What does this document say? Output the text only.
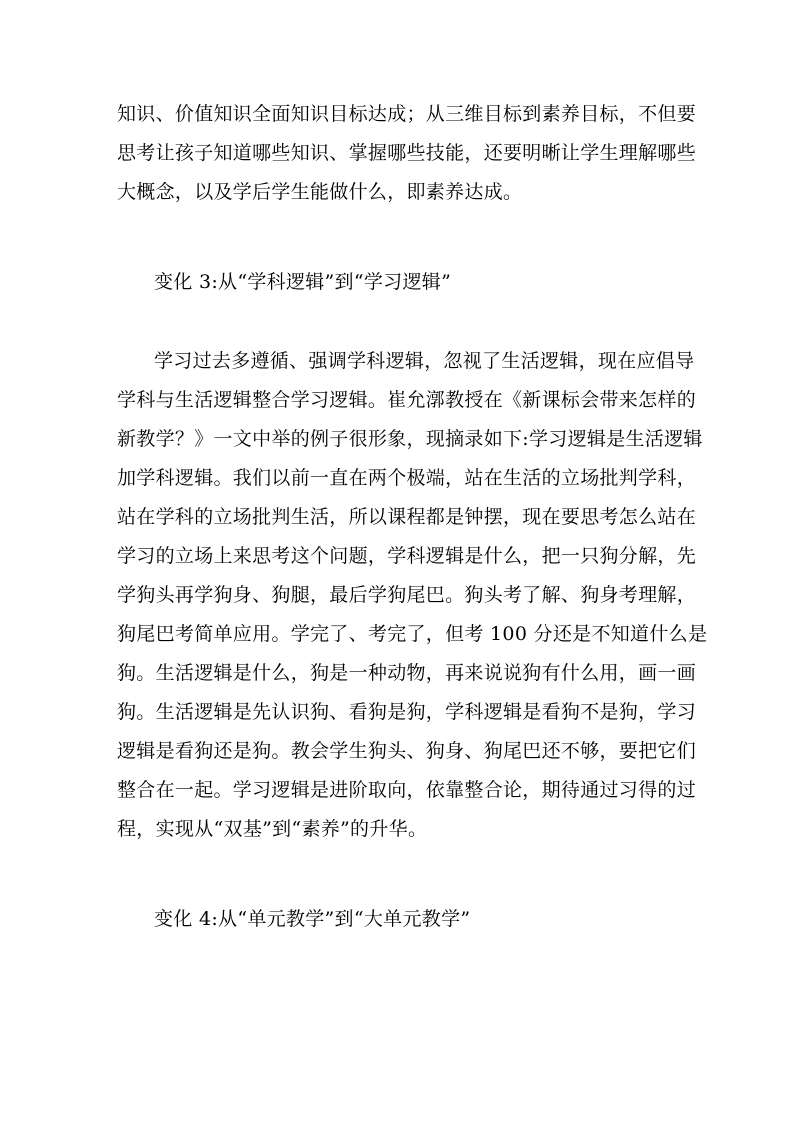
知识、价值知识全面知识目标达成；从三维目标到素养目标，不但要
思考让孩子知道哪些知识、掌握哪些技能，还要明晰让学生理解哪些
大概念，以及学后学生能做什么，即素养达成。
变化 3:从“学科逻辑”到“学习逻辑”
学习过去多遵循、强调学科逻辑，忽视了生活逻辑，现在应倡导
学科与生活逻辑整合学习逻辑。崔允漷教授在《新课标会带来怎样的
新教学？》一文中举的例子很形象，现摘录如下:学习逻辑是生活逻辑
加学科逻辑。我们以前一直在两个极端，站在生活的立场批判学科，
站在学科的立场批判生活，所以课程都是钟摆，现在要思考怎么站在
学习的立场上来思考这个问题，学科逻辑是什么，把一只狗分解，先
学狗头再学狗身、狗腿，最后学狗尾巴。狗头考了解、狗身考理解，
狗尾巴考简单应用。学完了、考完了，但考 100 分还是不知道什么是
狗。生活逻辑是什么，狗是一种动物，再来说说狗有什么用，画一画
狗。生活逻辑是先认识狗、看狗是狗，学科逻辑是看狗不是狗，学习
逻辑是看狗还是狗。教会学生狗头、狗身、狗尾巴还不够，要把它们
整合在一起。学习逻辑是进阶取向，依靠整合论，期待通过习得的过
程，实现从“双基”到“素养”的升华。
变化 4:从“单元教学”到“大单元教学”
